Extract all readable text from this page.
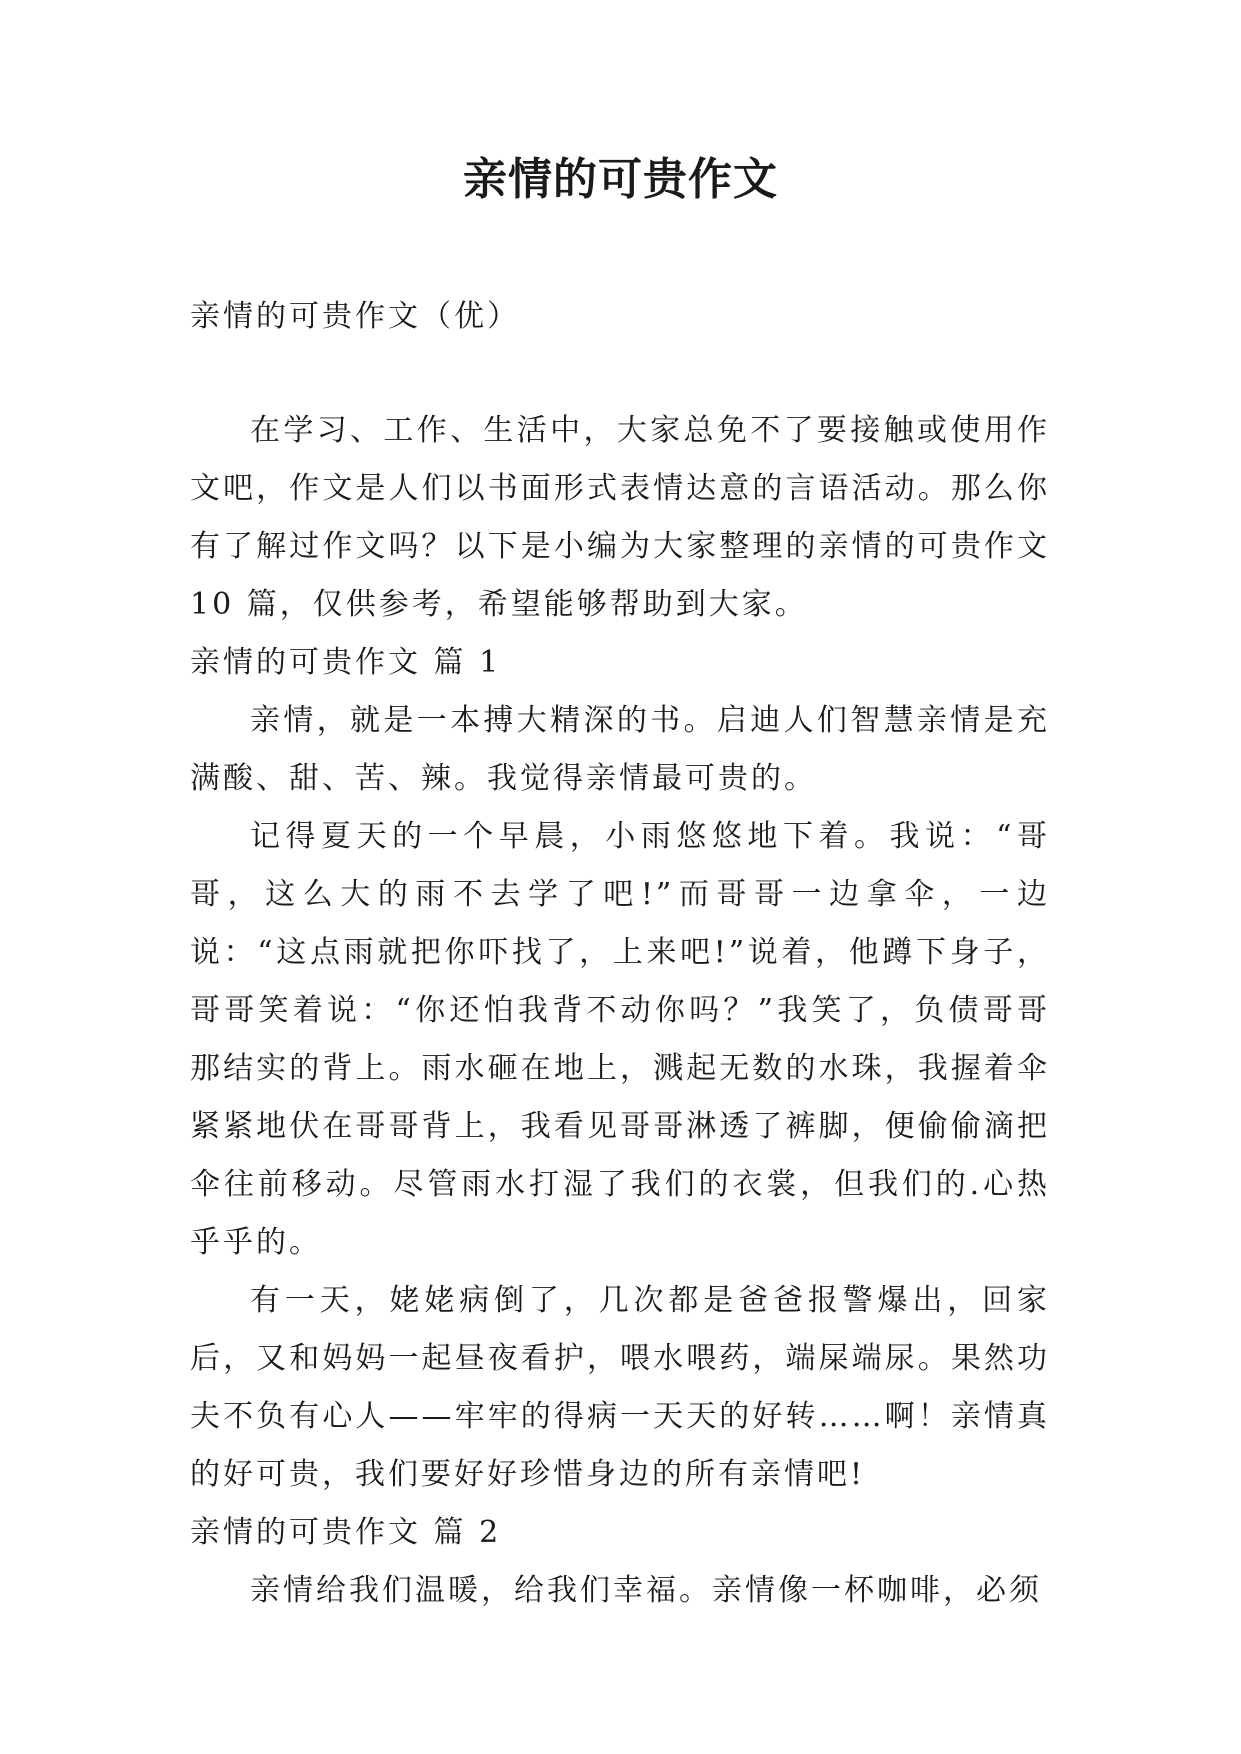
亲情的可贵作文

亲情的可贵作文（优）

在学习、工作、生活中，大家总免不了要接触或使用作文吧，作文是人们以书面形式表情达意的言语活动。那么你有了解过作文吗？以下是小编为大家整理的亲情的可贵作文 10 篇，仅供参考，希望能够帮助到大家。

亲情的可贵作文 篇 1

亲情，就是一本搏大精深的书。启迪人们智慧亲情是充满酸、甜、苦、辣。我觉得亲情最可贵的。

记得夏天的一个早晨，小雨悠悠地下着。我说：“哥哥，这么大的雨不去学了吧!”而哥哥一边拿伞，一边说：“这点雨就把你吓找了，上来吧!”说着，他蹲下身子，哥哥笑着说：“你还怕我背不动你吗？”我笑了，负债哥哥那结实的背上。雨水砸在地上，溅起无数的水珠，我握着伞紧紧地伏在哥哥背上，我看见哥哥淋透了裤脚，便偷偷滴把伞往前移动。尽管雨水打湿了我们的衣裳，但我们的.心热乎乎的。

有一天，姥姥病倒了，几次都是爸爸报警爆出，回家后，又和妈妈一起昼夜看护，喂水喂药，端屎端尿。果然功夫不负有心人——牢牢的得病一天天的好转……啊！亲情真的好可贵，我们要好好珍惜身边的所有亲情吧!

亲情的可贵作文 篇 2

亲情给我们温暖，给我们幸福。亲情像一杯咖啡，必须
